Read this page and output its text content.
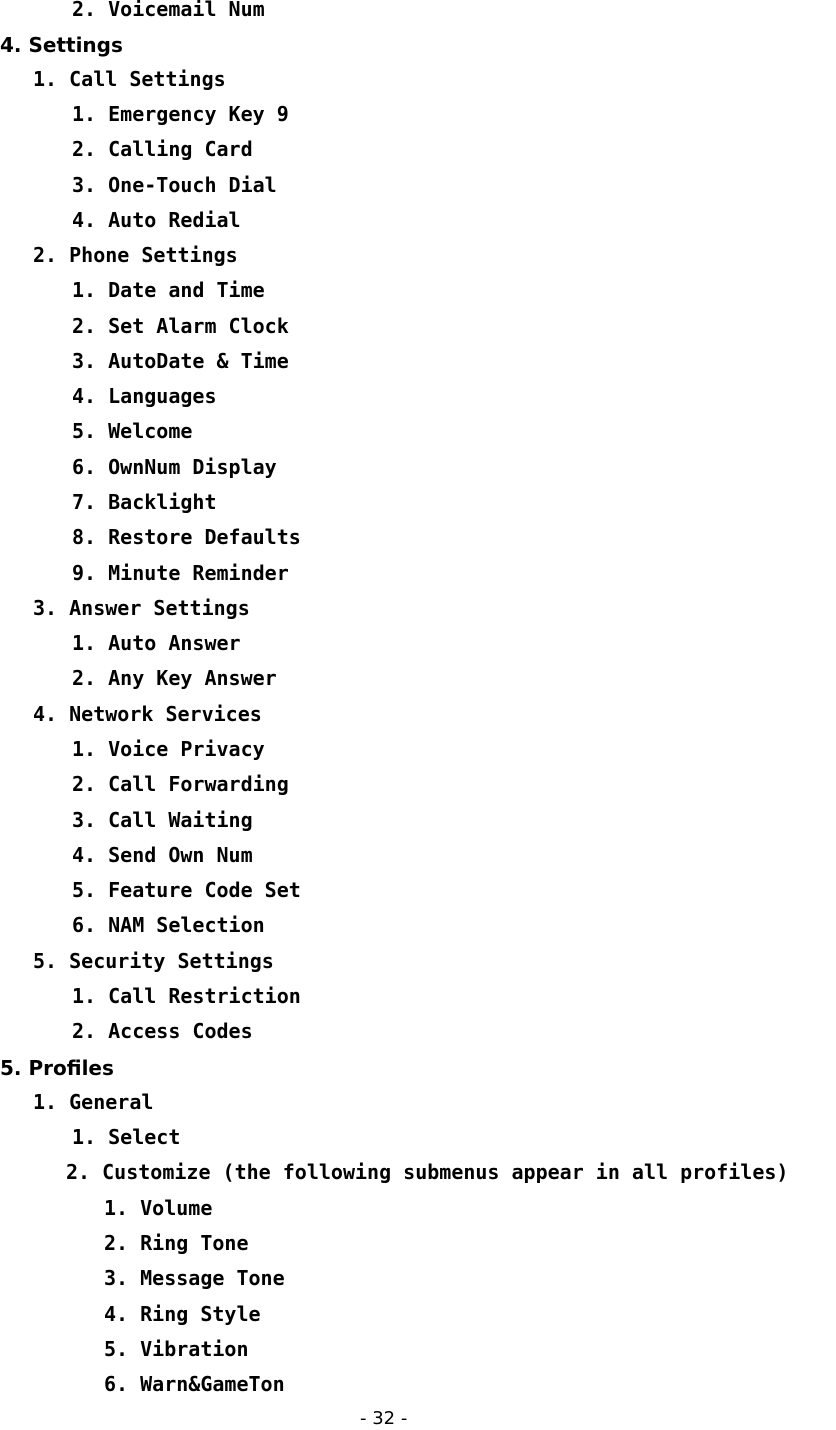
2. Voicemail Num
4. Settings
1. Call Settings
1. Emergency Key 9
2. Calling Card
3. One-Touch Dial
4. Auto Redial
2. Phone Settings
1. Date and Time
2. Set Alarm Clock
3. AutoDate & Time
4. Languages
5. Welcome
6. OwnNum Display
7. Backlight
8. Restore Defaults
9. Minute Reminder
3. Answer Settings
1. Auto Answer
2. Any Key Answer
4. Network Services
1. Voice Privacy
2. Call Forwarding
3. Call Waiting
4. Send Own Num
5. Feature Code Set
6. NAM Selection
5. Security Settings
1. Call Restriction
2. Access Codes
5. Profiles
1. General
1. Select
2. Customize (the following submenus appear in all profiles)
1. Volume
2. Ring Tone
3. Message Tone
4. Ring Style
5. Vibration
6. Warn&GameTon
- 32 -
